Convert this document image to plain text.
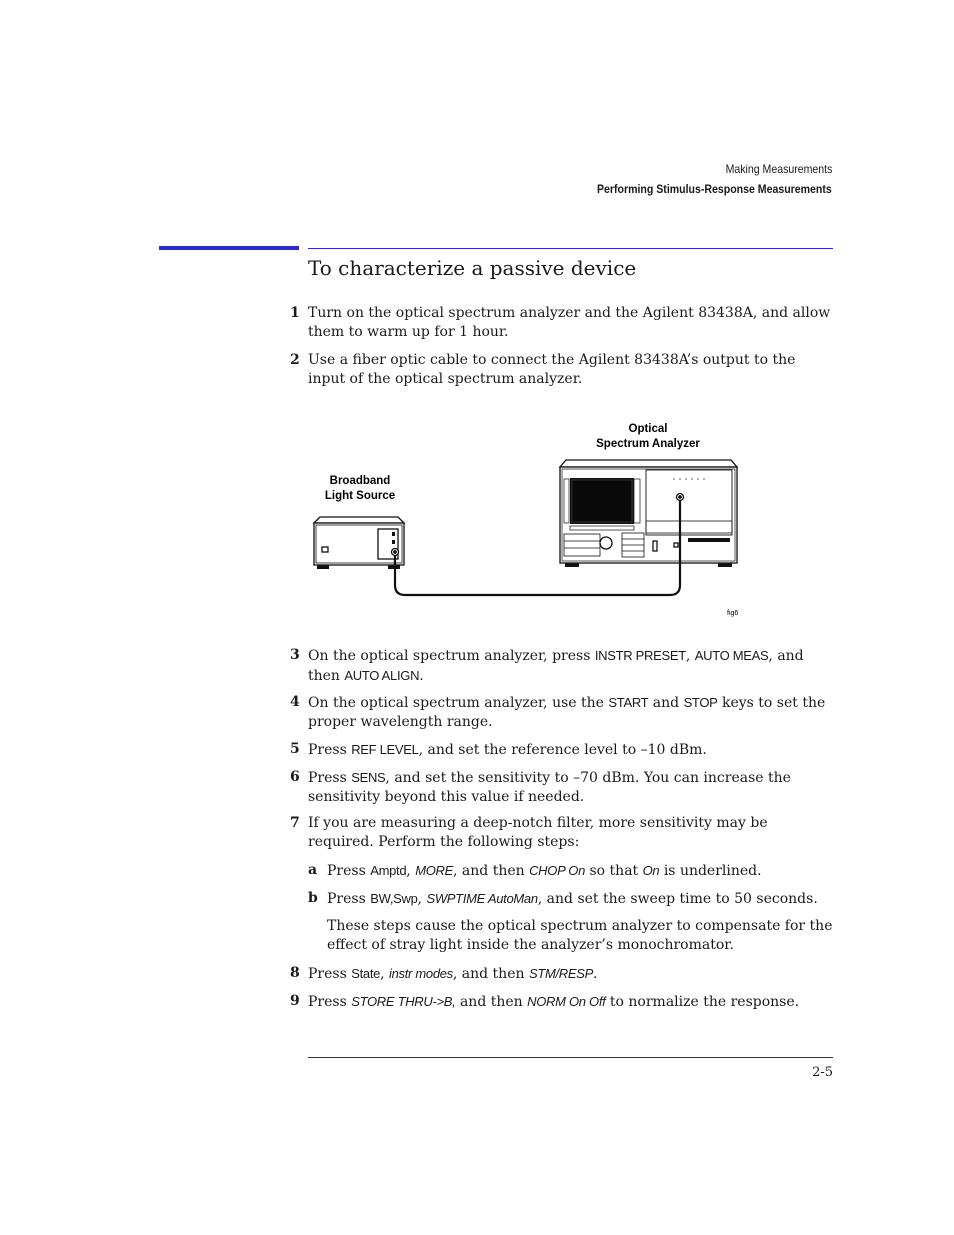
Making Measurements
Performing Stimulus-Response Measurements
To characterize a passive device
1 Turn on the optical spectrum analyzer and the Agilent 83438A, and allow them to warm up for 1 hour.
2 Use a fiber optic cable to connect the Agilent 83438A’s output to the input of the optical spectrum analyzer.
Optical
Spectrum Analyzer
Broadband
Light Source
fig6
3 On the optical spectrum analyzer, press INSTR PRESET, AUTO MEAS, and then AUTO ALIGN.
4 On the optical spectrum analyzer, use the START and STOP keys to set the proper wavelength range.
5 Press REF LEVEL, and set the reference level to –10 dBm.
6 Press SENS, and set the sensitivity to –70 dBm. You can increase the sensitivity beyond this value if needed.
7 If you are measuring a deep-notch filter, more sensitivity may be required. Perform the following steps:
a Press Amptd, MORE, and then CHOP On so that On is underlined.
b Press BW,Swp, SWPTIME AutoMan, and set the sweep time to 50 seconds.
These steps cause the optical spectrum analyzer to compensate for the effect of stray light inside the analyzer’s monochromator.
8 Press State, instr modes, and then STM/RESP.
9 Press STORE THRU->B, and then NORM On Off to normalize the response.
2-5
